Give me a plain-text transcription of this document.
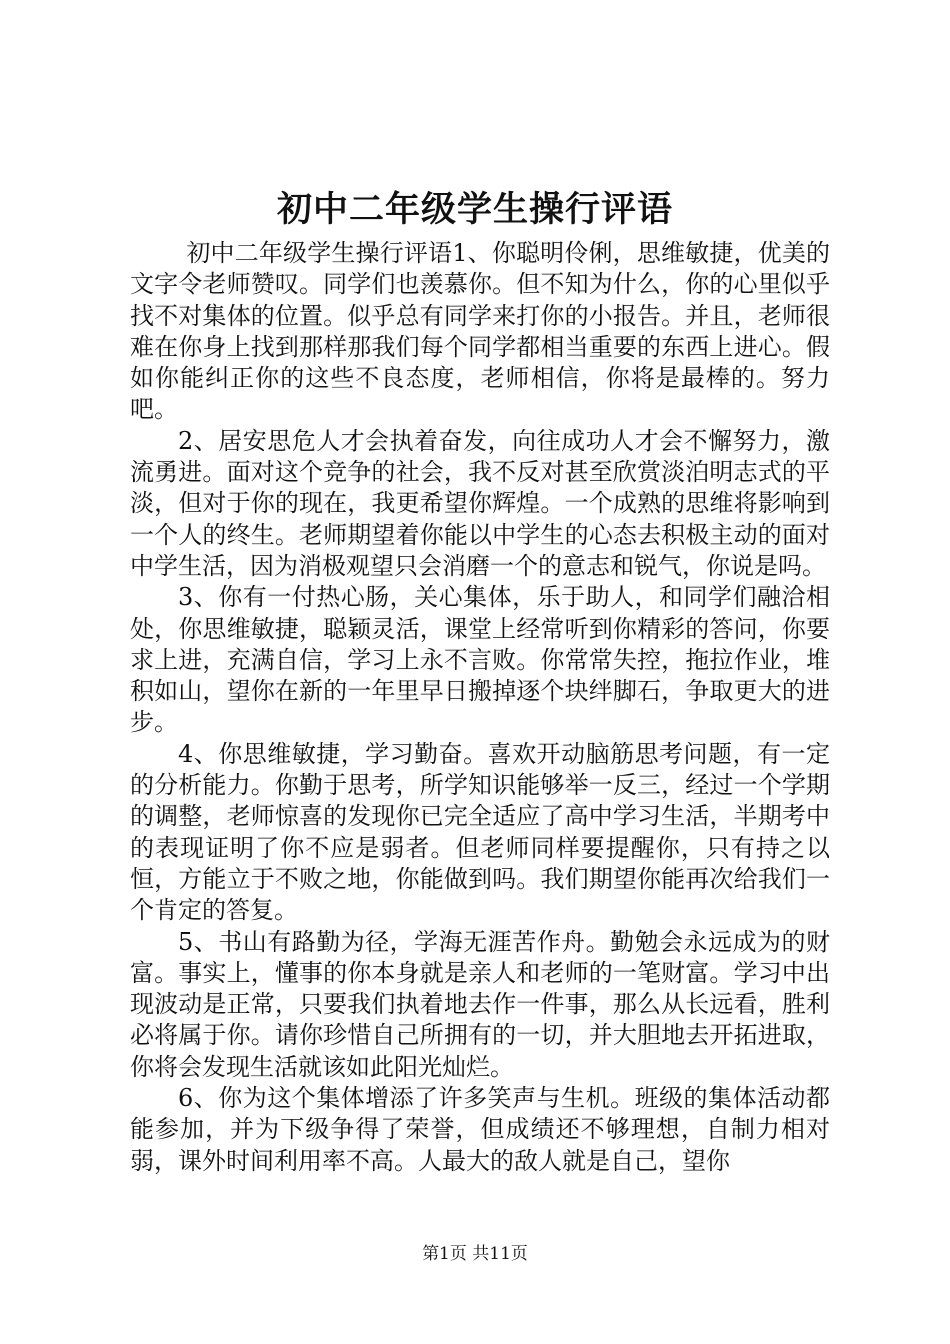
初中二年级学生操行评语

初中二年级学生操行评语1、你聪明伶俐，思维敏捷，优美的文字令老师赞叹。同学们也羡慕你。但不知为什么，你的心里似乎找不对集体的位置。似乎总有同学来打你的小报告。并且，老师很难在你身上找到那样那我们每个同学都相当重要的东西上进心。假如你能纠正你的这些不良态度，老师相信，你将是最棒的。努力吧。

2、居安思危人才会执着奋发，向往成功人才会不懈努力，激流勇进。面对这个竞争的社会，我不反对甚至欣赏淡泊明志式的平淡，但对于你的现在，我更希望你辉煌。一个成熟的思维将影响到一个人的终生。老师期望着你能以中学生的心态去积极主动的面对中学生活，因为消极观望只会消磨一个的意志和锐气，你说是吗。

3、你有一付热心肠，关心集体，乐于助人，和同学们融洽相处，你思维敏捷，聪颖灵活，课堂上经常听到你精彩的答问，你要求上进，充满自信，学习上永不言败。你常常失控，拖拉作业，堆积如山，望你在新的一年里早日搬掉逐个块绊脚石，争取更大的进步。

4、你思维敏捷，学习勤奋。喜欢开动脑筋思考问题，有一定的分析能力。你勤于思考，所学知识能够举一反三，经过一个学期的调整，老师惊喜的发现你已完全适应了高中学习生活，半期考中的表现证明了你不应是弱者。但老师同样要提醒你，只有持之以恒，方能立于不败之地，你能做到吗。我们期望你能再次给我们一个肯定的答复。

5、书山有路勤为径，学海无涯苦作舟。勤勉会永远成为的财富。事实上，懂事的你本身就是亲人和老师的一笔财富。学习中出现波动是正常，只要我们执着地去作一件事，那么从长远看，胜利必将属于你。请你珍惜自己所拥有的一切，并大胆地去开拓进取，你将会发现生活就该如此阳光灿烂。

6、你为这个集体增添了许多笑声与生机。班级的集体活动都能参加，并为下级争得了荣誉，但成绩还不够理想，自制力相对弱，课外时间利用率不高。人最大的敌人就是自己，望你

第1页 共11页
